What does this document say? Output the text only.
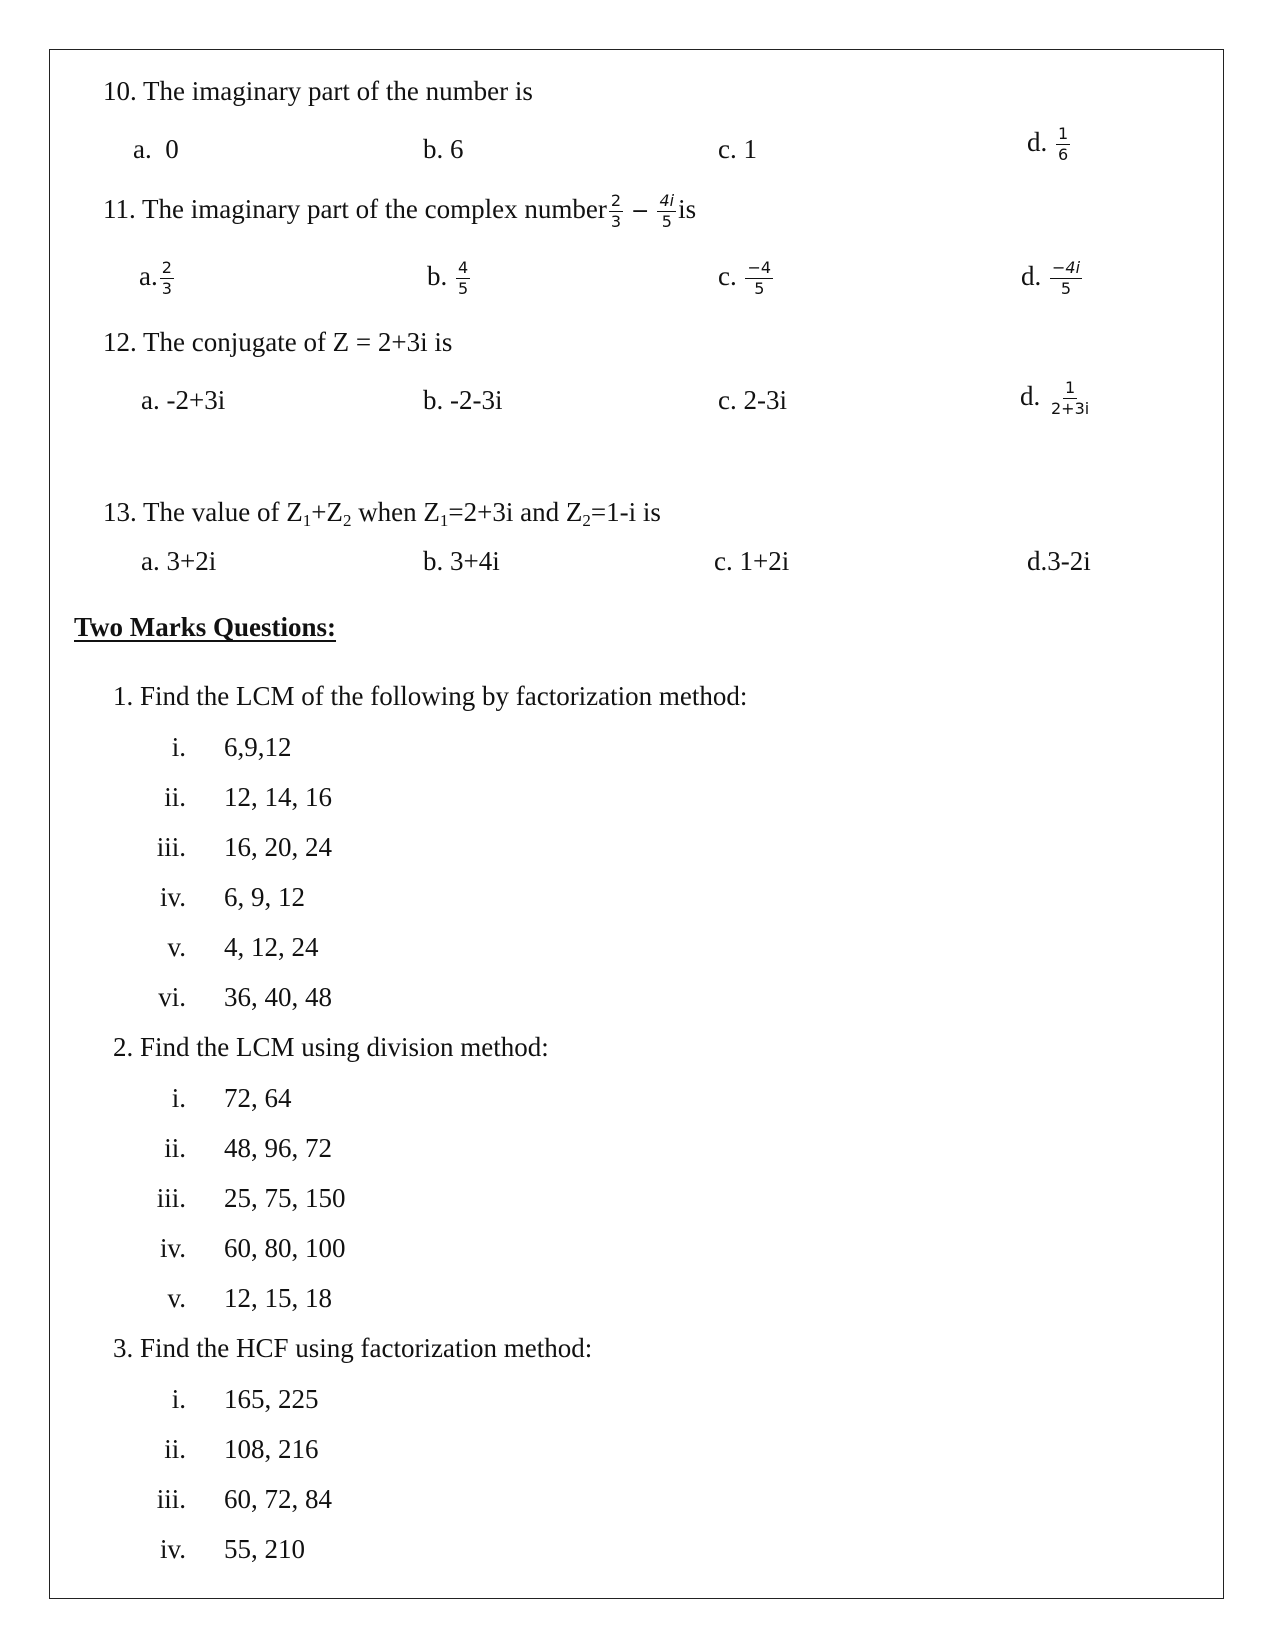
10. The imaginary part of the number is
a.  0	b. 6	c. 1	d. $\frac{1}{6}$
11. The imaginary part of the complex number $\frac{2}{3} - \frac{4i}{5}$ is
a. $\frac{2}{3}$	b. $\frac{4}{5}$	c. $\frac{-4}{5}$	d. $\frac{-4i}{5}$
12. The conjugate of Z = 2+3i is
a. -2+3i	b. -2-3i	c. 2-3i	d. $\frac{1}{2+3i}$
13. The value of $Z_1+Z_2$ when $Z_1=2+3i$ and $Z_2=1-i$ is
a. 3+2i	b. 3+4i	c. 1+2i	d.3-2i
Two Marks Questions:
1. Find the LCM of the following by factorization method:
i. 6,9,12
ii. 12, 14, 16
iii. 16, 20, 24
iv. 6, 9, 12
v. 4, 12, 24
vi. 36, 40, 48
2. Find the LCM using division method:
i. 72, 64
ii. 48, 96, 72
iii. 25, 75, 150
iv. 60, 80, 100
v. 12, 15, 18
3. Find the HCF using factorization method:
i. 165, 225
ii. 108, 216
iii. 60, 72, 84
iv. 55, 210
